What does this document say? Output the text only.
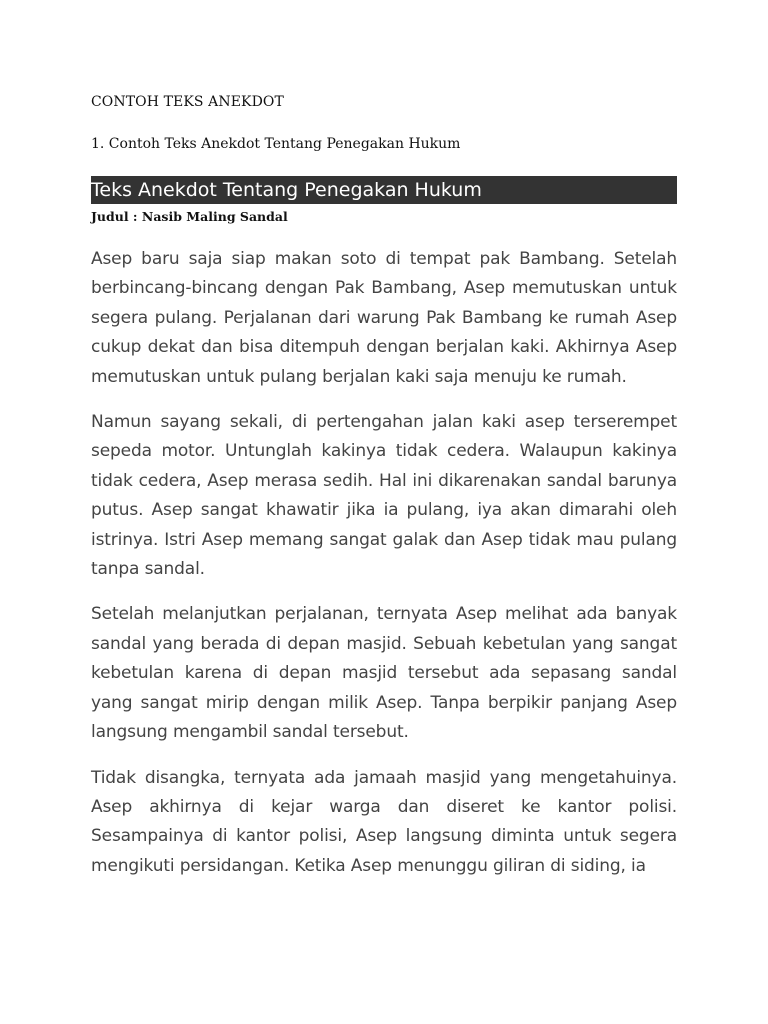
CONTOH TEKS ANEKDOT
1. Contoh Teks Anekdot Tentang Penegakan Hukum
Teks Anekdot Tentang Penegakan Hukum
Judul : Nasib Maling Sandal

Asep baru saja siap makan soto di tempat pak Bambang. Setelah berbincang-bincang dengan Pak Bambang, Asep memutuskan untuk segera pulang. Perjalanan dari warung Pak Bambang ke rumah Asep cukup dekat dan bisa ditempuh dengan berjalan kaki. Akhirnya Asep memutuskan untuk pulang berjalan kaki saja menuju ke rumah.

Namun sayang sekali, di pertengahan jalan kaki asep terserempet sepeda motor. Untunglah kakinya tidak cedera. Walaupun kakinya tidak cedera, Asep merasa sedih. Hal ini dikarenakan sandal barunya putus. Asep sangat khawatir jika ia pulang, iya akan dimarahi oleh istrinya. Istri Asep memang sangat galak dan Asep tidak mau pulang tanpa sandal.

Setelah melanjutkan perjalanan, ternyata Asep melihat ada banyak sandal yang berada di depan masjid. Sebuah kebetulan yang sangat kebetulan karena di depan masjid tersebut ada sepasang sandal yang sangat mirip dengan milik Asep. Tanpa berpikir panjang Asep langsung mengambil sandal tersebut.

Tidak disangka, ternyata ada jamaah masjid yang mengetahuinya. Asep akhirnya di kejar warga dan diseret ke kantor polisi. Sesampainya di kantor polisi, Asep langsung diminta untuk segera mengikuti persidangan. Ketika Asep menunggu giliran di siding, ia
